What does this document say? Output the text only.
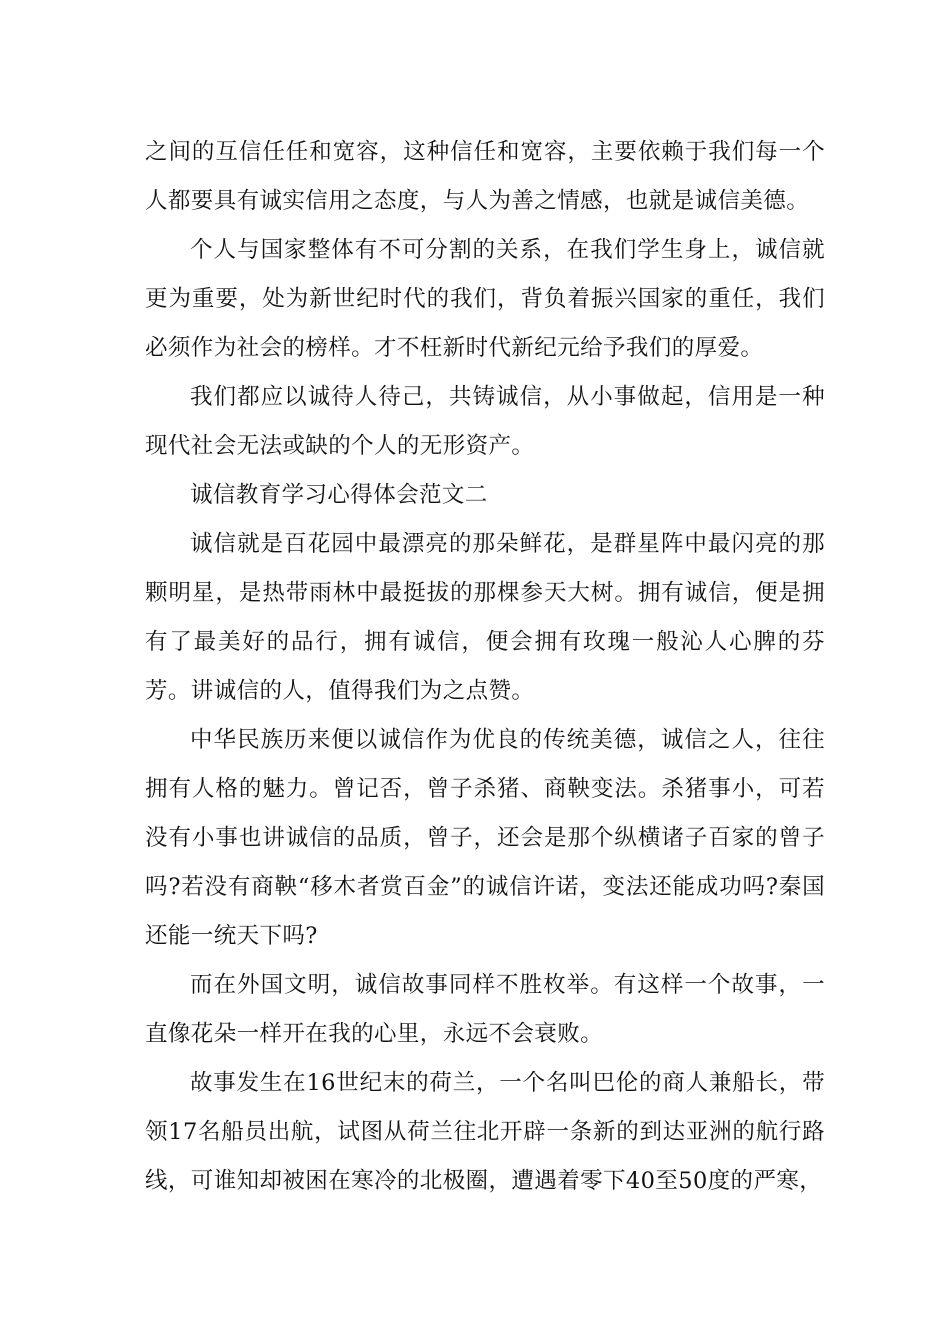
之间的互信任任和宽容，这种信任和宽容，主要依赖于我们每一个人都要具有诚实信用之态度，与人为善之情感，也就是诚信美德。

个人与国家整体有不可分割的关系，在我们学生身上，诚信就更为重要，处为新世纪时代的我们，背负着振兴国家的重任，我们必须作为社会的榜样。才不枉新时代新纪元给予我们的厚爱。

我们都应以诚待人待己，共铸诚信，从小事做起，信用是一种现代社会无法或缺的个人的无形资产。

诚信教育学习心得体会范文二

诚信就是百花园中最漂亮的那朵鲜花，是群星阵中最闪亮的那颗明星，是热带雨林中最挺拔的那棵参天大树。拥有诚信，便是拥有了最美好的品行，拥有诚信，便会拥有玫瑰一般沁人心脾的芬芳。讲诚信的人，值得我们为之点赞。

中华民族历来便以诚信作为优良的传统美德，诚信之人，往往拥有人格的魅力。曾记否，曾子杀猪、商鞅变法。杀猪事小，可若没有小事也讲诚信的品质，曾子，还会是那个纵横诸子百家的曾子吗?若没有商鞅“移木者赏百金”的诚信许诺，变法还能成功吗?秦国还能一统天下吗?

而在外国文明，诚信故事同样不胜枚举。有这样一个故事，一直像花朵一样开在我的心里，永远不会衰败。

故事发生在16世纪末的荷兰，一个名叫巴伦的商人兼船长，带领17名船员出航，试图从荷兰往北开辟一条新的到达亚洲的航行路线，可谁知却被困在寒冷的北极圈，遭遇着零下40至50度的严寒，
